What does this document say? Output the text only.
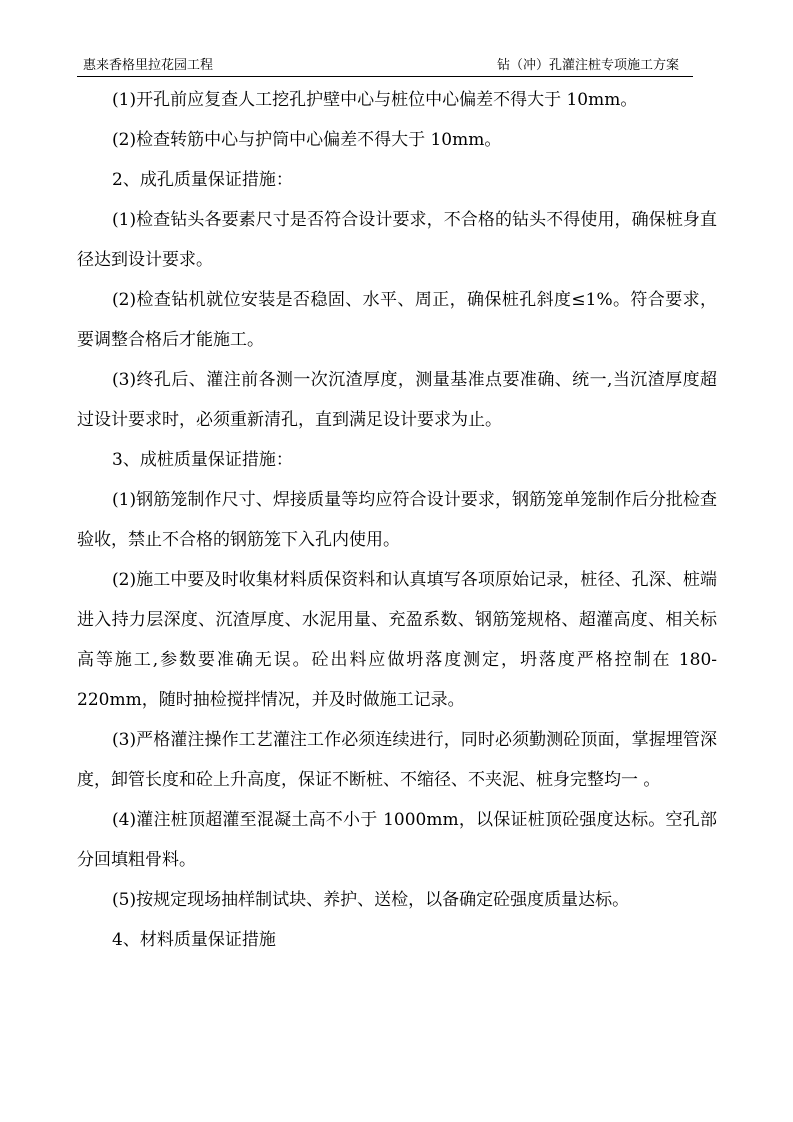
惠来香格里拉花园工程	钻（冲）孔灌注桩专项施工方案

(1)开孔前应复查人工挖孔护壁中心与桩位中心偏差不得大于 10mm。

(2)检查转筋中心与护筒中心偏差不得大于 10mm。

2、成孔质量保证措施：

(1)检查钻头各要素尺寸是否符合设计要求，不合格的钻头不得使用，确保桩身直径达到设计要求。

(2)检查钻机就位安装是否稳固、水平、周正，确保桩孔斜度≤1%。符合要求，要调整合格后才能施工。

(3)终孔后、灌注前各测一次沉渣厚度，测量基准点要准确、统一,当沉渣厚度超过设计要求时，必须重新清孔，直到满足设计要求为止。

3、成桩质量保证措施：

(1)钢筋笼制作尺寸、焊接质量等均应符合设计要求，钢筋笼单笼制作后分批检查验收，禁止不合格的钢筋笼下入孔内使用。

(2)施工中要及时收集材料质保资料和认真填写各项原始记录，桩径、孔深、桩端进入持力层深度、沉渣厚度、水泥用量、充盈系数、钢筋笼规格、超灌高度、相关标高等施工,参数要准确无误。砼出料应做坍落度测定，坍落度严格控制在 180-220mm，随时抽检搅拌情况，并及时做施工记录。

(3)严格灌注操作工艺灌注工作必须连续进行，同时必须勤测砼顶面，掌握埋管深度，卸管长度和砼上升高度，保证不断桩、不缩径、不夹泥、桩身完整均一 。

(4)灌注桩顶超灌至混凝土高不小于 1000mm，以保证桩顶砼强度达标。空孔部分回填粗骨料。

(5)按规定现场抽样制试块、养护、送检，以备确定砼强度质量达标。

4、材料质量保证措施
